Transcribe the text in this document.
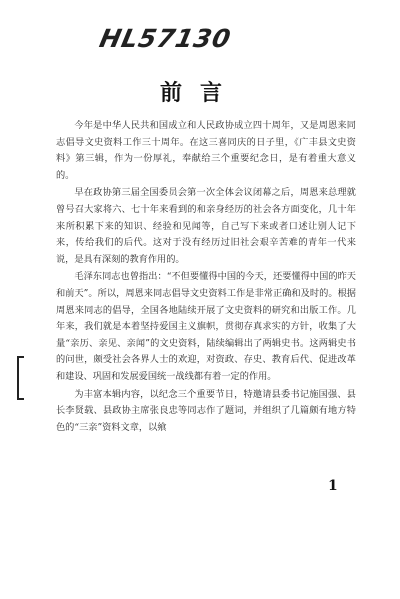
HL57130
前言

今年是中华人民共和国成立和人民政协成立四十周年，又是周恩来同志倡导文史资料工作三十周年。在这三喜同庆的日子里，《广丰县文史资料》第三辑，作为一份厚礼，奉献给三个重要纪念日，是有着重大意义的。

早在政协第三届全国委员会第一次全体会议闭幕之后，周恩来总理就曾号召大家将六、七十年来看到的和亲身经历的社会各方面变化，几十年来所积累下来的知识、经验和见闻等，自己写下来或者口述让别人记下来，传给我们的后代。这对于没有经历过旧社会艰辛苦难的青年一代来说，是具有深刻的教育作用的。

毛泽东同志也曾指出：“不但要懂得中国的今天，还要懂得中国的昨天和前天”。所以，周恩来同志倡导文史资料工作是非常正确和及时的。根据周恩来同志的倡导，全国各地陆续开展了文史资料的研究和出版工作。几年来，我们就是本着坚持爱国主义旗帜，贯彻存真求实的方针，收集了大量“亲历、亲见、亲闻”的文史资料，陆续编辑出了两辑史书。这两辑史书的问世，颇受社会各界人士的欢迎，对资政、存史、教育后代、促进改革和建设、巩固和发展爱国统一战线都有着一定的作用。

为丰富本辑内容，以纪念三个重要节日，特邀请县委书记施国强、县长李贤载、县政协主席张良忠等同志作了题词，并组织了几篇颇有地方特色的“三亲”资料文章，以飨

1
